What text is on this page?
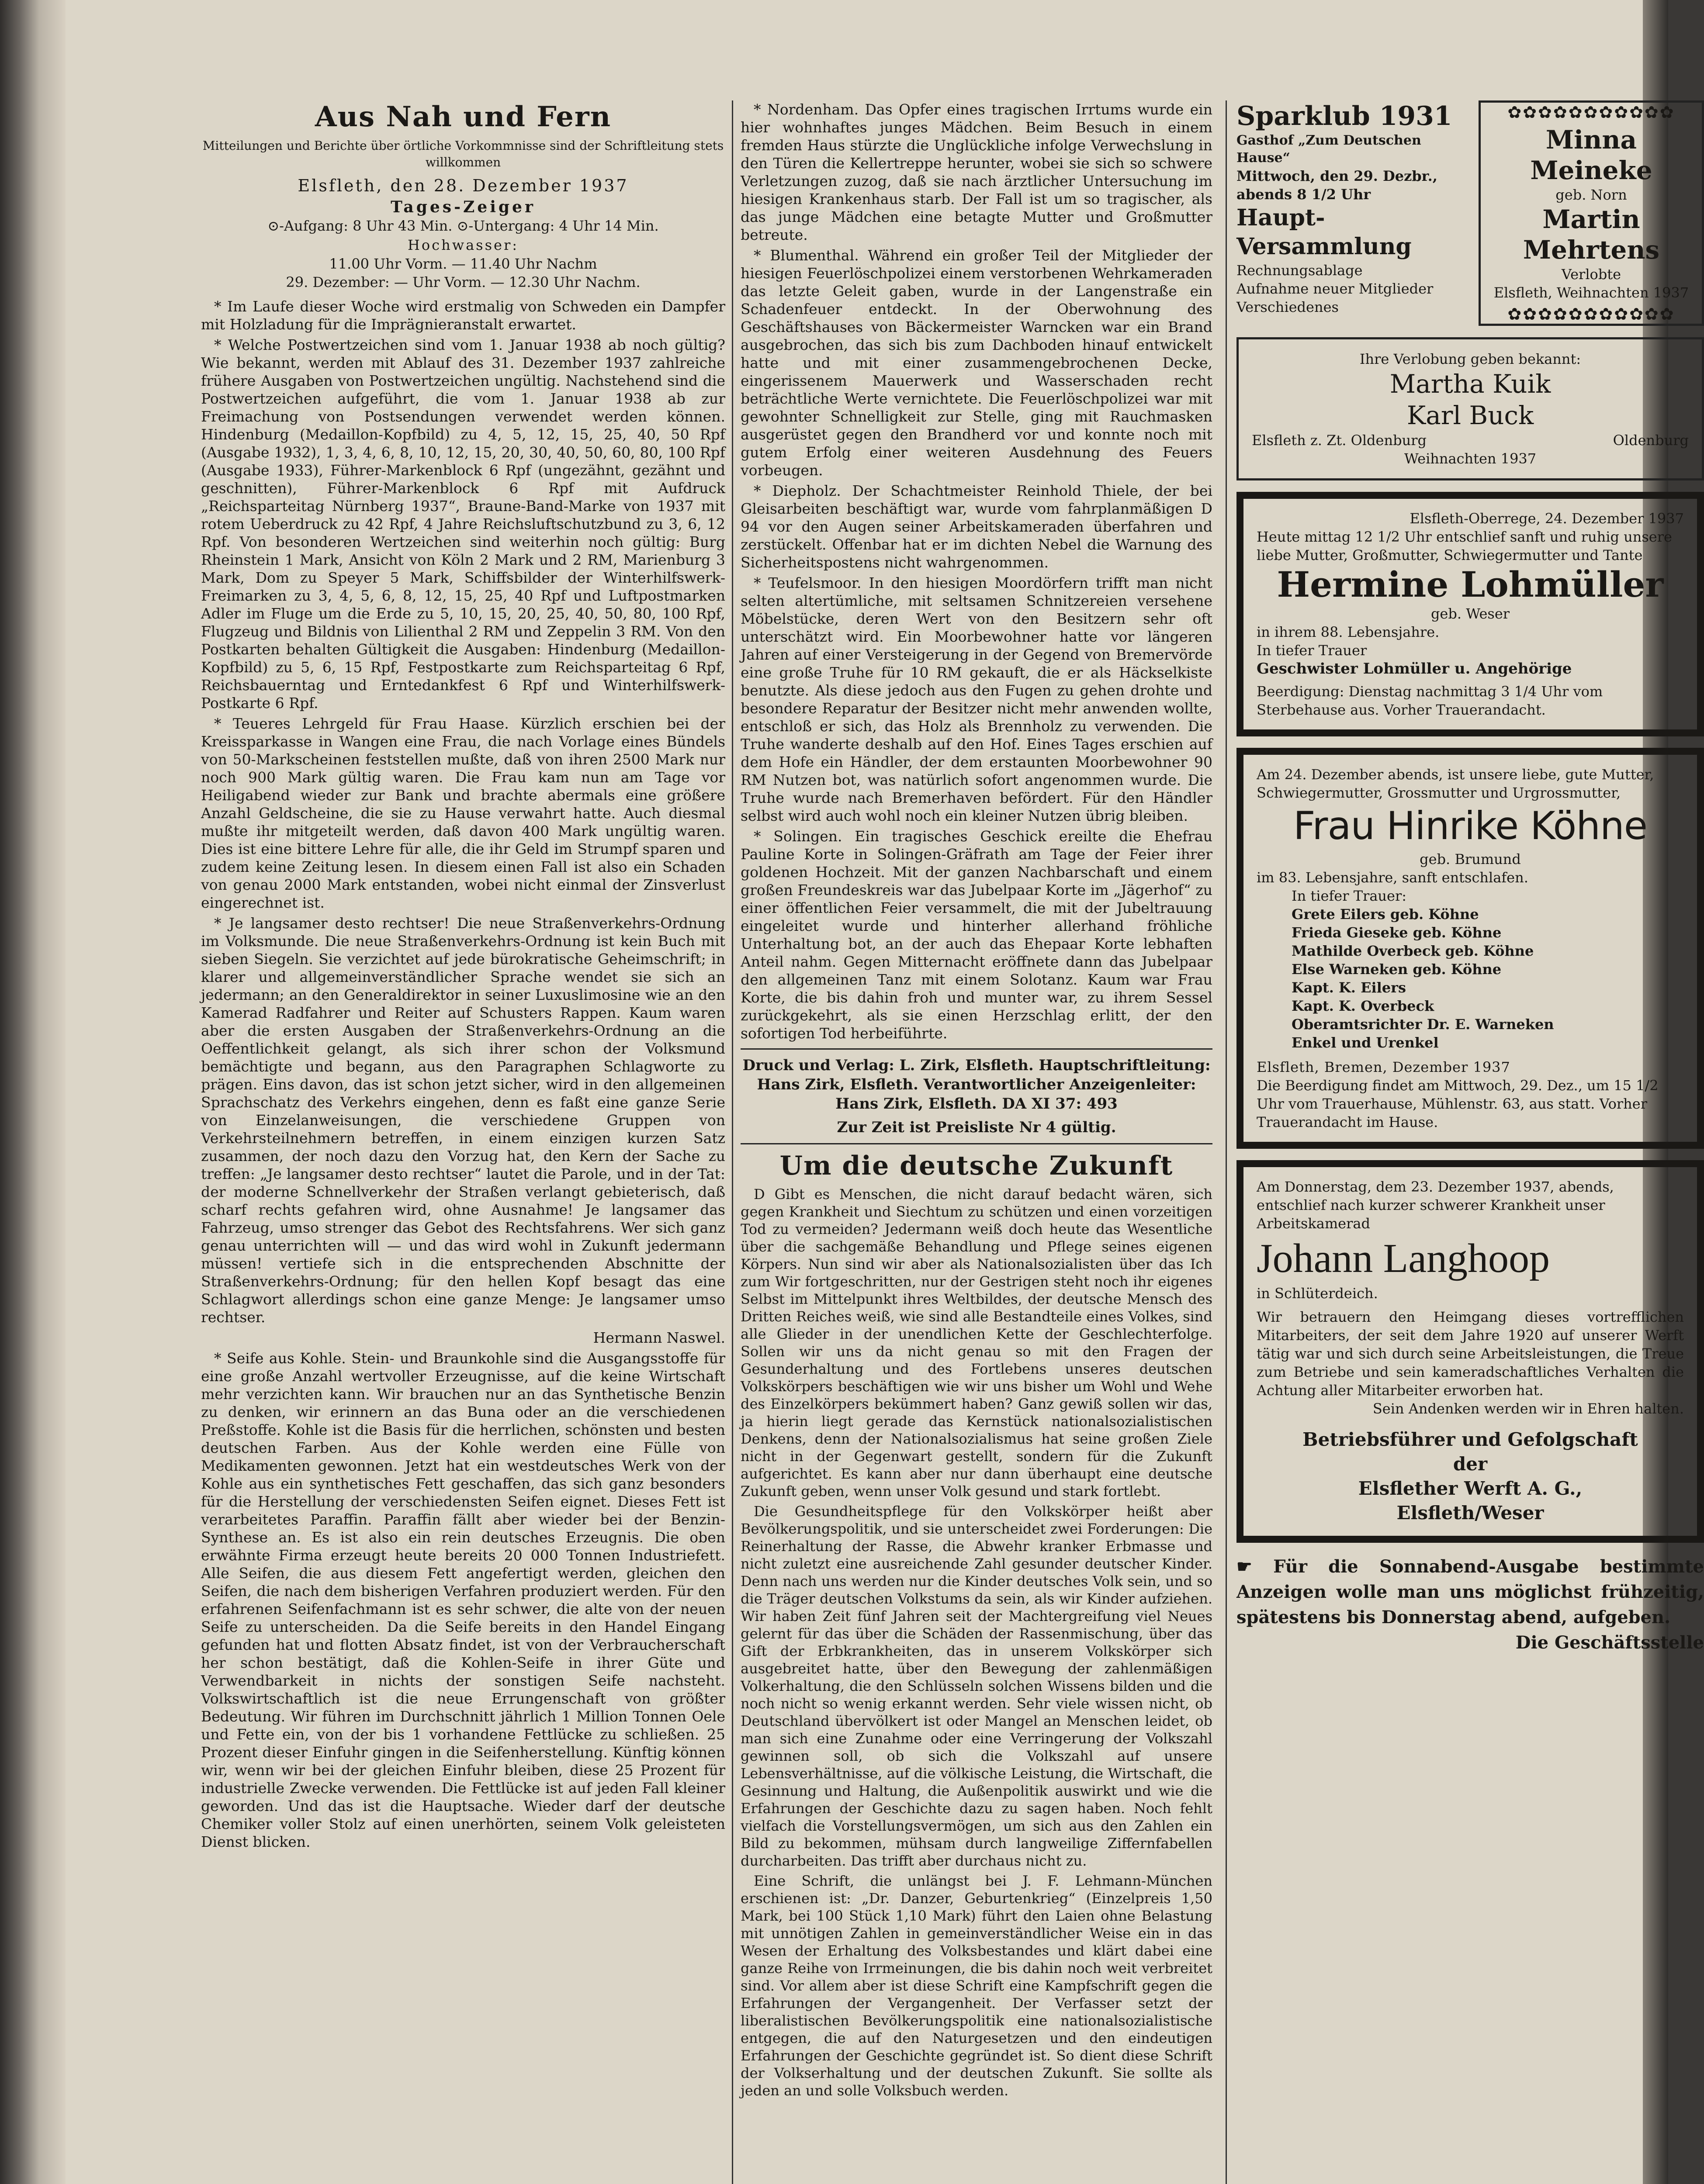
Aus Nah und Fern
Mitteilungen und Berichte über örtliche Vorkommnisse sind der Schriftleitung stets willkommen
Elsfleth, den 28. Dezember 1937
Tages-Zeiger
⊙-Aufgang: 8 Uhr 43 Min. ⊙-Untergang: 4 Uhr 14 Min.
Hochwasser:
11.00 Uhr Vorm. — 11.40 Uhr Nachm
29. Dezember: — Uhr Vorm. — 12.30 Uhr Nachm.

* Im Laufe dieser Woche wird erstmalig von Schweden ein Dampfer mit Holzladung für die Imprägnieranstalt erwartet.

* Welche Postwertzeichen sind vom 1. Januar 1938 ab noch gültig? Wie bekannt, werden mit Ablauf des 31. Dezember 1937 zahlreiche frühere Ausgaben von Postwertzeichen ungültig. Nachstehend sind die Postwertzeichen aufgeführt, die vom 1. Januar 1938 ab zur Freimachung von Postsendungen verwendet werden können. Hindenburg (Medaillon-Kopfbild) zu 4, 5, 12, 15, 25, 40, 50 Rpf (Ausgabe 1932), 1, 3, 4, 6, 8, 10, 12, 15, 20, 30, 40, 50, 60, 80, 100 Rpf (Ausgabe 1933), Führer-Markenblock 6 Rpf (ungezähnt, gezähnt und geschnitten), Führer-Markenblock 6 Rpf mit Aufdruck „Reichsparteitag Nürnberg 1937“, Braune-Band-Marke von 1937 mit rotem Ueberdruck zu 42 Rpf, 4 Jahre Reichsluftschutzbund zu 3, 6, 12 Rpf. Von besonderen Wertzeichen sind weiterhin noch gültig: Burg Rheinstein 1 Mark, Ansicht von Köln 2 Mark und 2 RM, Marienburg 3 Mark, Dom zu Speyer 5 Mark, Schiffsbilder der Winterhilfswerk-Freimarken zu 3, 4, 5, 6, 8, 12, 15, 25, 40 Rpf und Luftpostmarken Adler im Fluge um die Erde zu 5, 10, 15, 20, 25, 40, 50, 80, 100 Rpf, Flugzeug und Bildnis von Lilienthal 2 RM und Zeppelin 3 RM. Von den Postkarten behalten Gültigkeit die Ausgaben: Hindenburg (Medaillon-Kopfbild) zu 5, 6, 15 Rpf, Festpostkarte zum Reichsparteitag 6 Rpf, Reichsbauerntag und Erntedankfest 6 Rpf und Winterhilfswerk-Postkarte 6 Rpf.

* Teueres Lehrgeld für Frau Haase. Kürzlich erschien bei der Kreissparkasse in Wangen eine Frau, die nach Vorlage eines Bündels von 50-Markscheinen feststellen mußte, daß von ihren 2500 Mark nur noch 900 Mark gültig waren. Die Frau kam nun am Tage vor Heiligabend wieder zur Bank und brachte abermals eine größere Anzahl Geldscheine, die sie zu Hause verwahrt hatte. Auch diesmal mußte ihr mitgeteilt werden, daß davon 400 Mark ungültig waren. Dies ist eine bittere Lehre für alle, die ihr Geld im Strumpf sparen und zudem keine Zeitung lesen. In diesem einen Fall ist also ein Schaden von genau 2000 Mark entstanden, wobei nicht einmal der Zinsverlust eingerechnet ist.

* Je langsamer desto rechtser! Die neue Straßenverkehrs-Ordnung im Volksmunde. Die neue Straßenverkehrs-Ordnung ist kein Buch mit sieben Siegeln. Sie verzichtet auf jede bürokratische Geheimschrift; in klarer und allgemeinverständlicher Sprache wendet sie sich an jedermann; an den Generaldirektor in seiner Luxuslimosine wie an den Kamerad Radfahrer und Reiter auf Schusters Rappen. Kaum waren aber die ersten Ausgaben der Straßenverkehrs-Ordnung an die Oeffentlichkeit gelangt, als sich ihrer schon der Volksmund bemächtigte und begann, aus den Paragraphen Schlagworte zu prägen. Eins davon, das ist schon jetzt sicher, wird in den allgemeinen Sprachschatz des Verkehrs eingehen, denn es faßt eine ganze Serie von Einzelanweisungen, die verschiedene Gruppen von Verkehrsteilnehmern betreffen, in einem einzigen kurzen Satz zusammen, der noch dazu den Vorzug hat, den Kern der Sache zu treffen: „Je langsamer desto rechtser“ lautet die Parole, und in der Tat: der moderne Schnellverkehr der Straßen verlangt gebieterisch, daß scharf rechts gefahren wird, ohne Ausnahme! Je langsamer das Fahrzeug, umso strenger das Gebot des Rechtsfahrens. Wer sich ganz genau unterrichten will — und das wird wohl in Zukunft jedermann müssen! vertiefe sich in die entsprechenden Abschnitte der Straßenverkehrs-Ordnung; für den hellen Kopf besagt das eine Schlagwort allerdings schon eine ganze Menge: Je langsamer umso rechtser.

Hermann Naswel.

* Seife aus Kohle. Stein- und Braunkohle sind die Ausgangsstoffe für eine große Anzahl wertvoller Erzeugnisse, auf die keine Wirtschaft mehr verzichten kann. Wir brauchen nur an das Synthetische Benzin zu denken, wir erinnern an das Buna oder an die verschiedenen Preßstoffe. Kohle ist die Basis für die herrlichen, schönsten und besten deutschen Farben. Aus der Kohle werden eine Fülle von Medikamenten gewonnen. Jetzt hat ein westdeutsches Werk von der Kohle aus ein synthetisches Fett geschaffen, das sich ganz besonders für die Herstellung der verschiedensten Seifen eignet. Dieses Fett ist verarbeitetes Paraffin. Paraffin fällt aber wieder bei der Benzin-Synthese an. Es ist also ein rein deutsches Erzeugnis. Die oben erwähnte Firma erzeugt heute bereits 20 000 Tonnen Industriefett. Alle Seifen, die aus diesem Fett angefertigt werden, gleichen den Seifen, die nach dem bisherigen Verfahren produziert werden. Für den erfahrenen Seifenfachmann ist es sehr schwer, die alte von der neuen Seife zu unterscheiden. Da die Seife bereits in den Handel Eingang gefunden hat und flotten Absatz findet, ist von der Verbraucherschaft her schon bestätigt, daß die Kohlen-Seife in ihrer Güte und Verwendbarkeit in nichts der sonstigen Seife nachsteht. Volkswirtschaftlich ist die neue Errungenschaft von größter Bedeutung. Wir führen im Durchschnitt jährlich 1 Million Tonnen Oele und Fette ein, von der bis 1 vorhandene Fettlücke zu schließen. 25 Prozent dieser Einfuhr gingen in die Seifenherstellung. Künftig können wir, wenn wir bei der gleichen Einfuhr bleiben, diese 25 Prozent für industrielle Zwecke verwenden. Die Fettlücke ist auf jeden Fall kleiner geworden. Und das ist die Hauptsache. Wieder darf der deutsche Chemiker voller Stolz auf einen unerhörten, seinem Volk geleisteten Dienst blicken.

* Nordenham. Das Opfer eines tragischen Irrtums wurde ein hier wohnhaftes junges Mädchen. Beim Besuch in einem fremden Haus stürzte die Unglückliche infolge Verwechslung in den Türen die Kellertreppe herunter, wobei sie sich so schwere Verletzungen zuzog, daß sie nach ärztlicher Untersuchung im hiesigen Krankenhaus starb. Der Fall ist um so tragischer, als das junge Mädchen eine betagte Mutter und Großmutter betreute.

* Blumenthal. Während ein großer Teil der Mitglieder der hiesigen Feuerlöschpolizei einem verstorbenen Wehrkameraden das letzte Geleit gaben, wurde in der Langenstraße ein Schadenfeuer entdeckt. In der Oberwohnung des Geschäftshauses von Bäckermeister Warncken war ein Brand ausgebrochen, das sich bis zum Dachboden hinauf entwickelt hatte und mit einer zusammengebrochenen Decke, eingerissenem Mauerwerk und Wasserschaden recht beträchtliche Werte vernichtete. Die Feuerlöschpolizei war mit gewohnter Schnelligkeit zur Stelle, ging mit Rauchmasken ausgerüstet gegen den Brandherd vor und konnte noch mit gutem Erfolg einer weiteren Ausdehnung des Feuers vorbeugen.

* Diepholz. Der Schachtmeister Reinhold Thiele, der bei Gleisarbeiten beschäftigt war, wurde vom fahrplanmäßigen D 94 vor den Augen seiner Arbeitskameraden überfahren und zerstückelt. Offenbar hat er im dichten Nebel die Warnung des Sicherheitspostens nicht wahrgenommen.

* Teufelsmoor. In den hiesigen Moordörfern trifft man nicht selten altertümliche, mit seltsamen Schnitzereien versehene Möbelstücke, deren Wert von den Besitzern sehr oft unterschätzt wird. Ein Moorbewohner hatte vor längeren Jahren auf einer Versteigerung in der Gegend von Bremervörde eine große Truhe für 10 RM gekauft, die er als Häckselkiste benutzte. Als diese jedoch aus den Fugen zu gehen drohte und besondere Reparatur der Besitzer nicht mehr anwenden wollte, entschloß er sich, das Holz als Brennholz zu verwenden. Die Truhe wanderte deshalb auf den Hof. Eines Tages erschien auf dem Hofe ein Händler, der dem erstaunten Moorbewohner 90 RM Nutzen bot, was natürlich sofort angenommen wurde. Die Truhe wurde nach Bremerhaven befördert. Für den Händler selbst wird auch wohl noch ein kleiner Nutzen übrig bleiben.

* Solingen. Ein tragisches Geschick ereilte die Ehefrau Pauline Korte in Solingen-Gräfrath am Tage der Feier ihrer goldenen Hochzeit. Mit der ganzen Nachbarschaft und einem großen Freundeskreis war das Jubelpaar Korte im „Jägerhof“ zu einer öffentlichen Feier versammelt, die mit der Jubeltrauung eingeleitet wurde und hinterher allerhand fröhliche Unterhaltung bot, an der auch das Ehepaar Korte lebhaften Anteil nahm. Gegen Mitternacht eröffnete dann das Jubelpaar den allgemeinen Tanz mit einem Solotanz. Kaum war Frau Korte, die bis dahin froh und munter war, zu ihrem Sessel zurückgekehrt, als sie einen Herzschlag erlitt, der den sofortigen Tod herbeiführte.

Druck und Verlag: L. Zirk, Elsfleth. Hauptschriftleitung: Hans Zirk, Elsfleth. Verantwortlicher Anzeigenleiter: Hans Zirk, Elsfleth. DA XI 37: 493
Zur Zeit ist Preisliste Nr 4 gültig.
Um die deutsche Zukunft

D Gibt es Menschen, die nicht darauf bedacht wären, sich gegen Krankheit und Siechtum zu schützen und einen vorzeitigen Tod zu vermeiden? Jedermann weiß doch heute das Wesentliche über die sachgemäße Behandlung und Pflege seines eigenen Körpers. Nun sind wir aber als Nationalsozialisten über das Ich zum Wir fortgeschritten, nur der Gestrigen steht noch ihr eigenes Selbst im Mittelpunkt ihres Weltbildes, der deutsche Mensch des Dritten Reiches weiß, wie sind alle Bestandteile eines Volkes, sind alle Glieder in der unendlichen Kette der Geschlechterfolge. Sollen wir uns da nicht genau so mit den Fragen der Gesunderhaltung und des Fortlebens unseres deutschen Volkskörpers beschäftigen wie wir uns bisher um Wohl und Wehe des Einzelkörpers bekümmert haben? Ganz gewiß sollen wir das, ja hierin liegt gerade das Kernstück nationalsozialistischen Denkens, denn der Nationalsozialismus hat seine großen Ziele nicht in der Gegenwart gestellt, sondern für die Zukunft aufgerichtet. Es kann aber nur dann überhaupt eine deutsche Zukunft geben, wenn unser Volk gesund und stark fortlebt.

Die Gesundheitspflege für den Volkskörper heißt aber Bevölkerungspolitik, und sie unterscheidet zwei Forderungen: Die Reinerhaltung der Rasse, die Abwehr kranker Erbmasse und nicht zuletzt eine ausreichende Zahl gesunder deutscher Kinder. Denn nach uns werden nur die Kinder deutsches Volk sein, und so die Träger deutschen Volkstums da sein, als wir Kinder aufziehen. Wir haben Zeit fünf Jahren seit der Machtergreifung viel Neues gelernt für das über die Schäden der Rassenmischung, über das Gift der Erbkrankheiten, das in unserem Volkskörper sich ausgebreitet hatte, über den Bewegung der zahlenmäßigen Volkerhaltung, die den Schlüsseln solchen Wissens bilden und die noch nicht so wenig erkannt werden. Sehr viele wissen nicht, ob Deutschland übervölkert ist oder Mangel an Menschen leidet, ob man sich eine Zunahme oder eine Verringerung der Volkszahl gewinnen soll, ob sich die Volkszahl auf unsere Lebensverhältnisse, auf die völkische Leistung, die Wirtschaft, die Gesinnung und Haltung, die Außenpolitik auswirkt und wie die Erfahrungen der Geschichte dazu zu sagen haben. Noch fehlt vielfach die Vorstellungsvermögen, um sich aus den Zahlen ein Bild zu bekommen, mühsam durch langweilige Ziffernfabellen durcharbeiten. Das trifft aber durchaus nicht zu.

Eine Schrift, die unlängst bei J. F. Lehmann-München erschienen ist: „Dr. Danzer, Geburtenkrieg“ (Einzelpreis 1,50 Mark, bei 100 Stück 1,10 Mark) führt den Laien ohne Belastung mit unnötigen Zahlen in gemeinverständlicher Weise ein in das Wesen der Erhaltung des Volksbestandes und klärt dabei eine ganze Reihe von Irrmeinungen, die bis dahin noch weit verbreitet sind. Vor allem aber ist diese Schrift eine Kampfschrift gegen die Erfahrungen der Vergangenheit. Der Verfasser setzt der liberalistischen Bevölkerungspolitik eine nationalsozialistische entgegen, die auf den Naturgesetzen und den eindeutigen Erfahrungen der Geschichte gegründet ist. So dient diese Schrift der Volkserhaltung und der deutschen Zukunft. Sie sollte als jeden an und solle Volksbuch werden.

Sparklub 1931
Gasthof „Zum Deutschen Hause“
Mittwoch, den 29. Dezbr., abends 8 1/2 Uhr
Haupt-Versammlung
Rechnungsablage
Aufnahme neuer Mitglieder
Verschiedenes
✿✿✿✿✿✿✿✿✿✿✿
Minna Meineke
geb. Norn
Martin Mehrtens
Verlobte
Elsfleth, Weihnachten 1937
✿✿✿✿✿✿✿✿✿✿✿
Ihre Verlobung geben bekannt:
Martha Kuik
Karl Buck
Elsfleth z. Zt. Oldenburg	Oldenburg
Weihnachten 1937
Elsfleth-Oberrege, 24. Dezember 1937
Heute mittag 12 1/2 Uhr entschlief sanft und ruhig unsere liebe Mutter, Großmutter, Schwiegermutter und Tante
Hermine Lohmüller
geb. Weser
in ihrem 88. Lebensjahre.
In tiefer Trauer
Geschwister Lohmüller u. Angehörige
Beerdigung: Dienstag nachmittag 3 1/4 Uhr vom Sterbehause aus. Vorher Trauerandacht.
Am 24. Dezember abends, ist unsere liebe, gute Mutter, Schwiegermutter, Grossmutter und Urgrossmutter,
Frau Hinrike Köhne
geb. Brumund
im 83. Lebensjahre, sanft entschlafen.
In tiefer Trauer:
Grete Eilers geb. Köhne
Frieda Gieseke geb. Köhne
Mathilde Overbeck geb. Köhne
Else Warneken geb. Köhne
Kapt. K. Eilers
Kapt. K. Overbeck
Oberamtsrichter Dr. E. Warneken
Enkel und Urenkel
Elsfleth, Bremen, Dezember 1937
Die Beerdigung findet am Mittwoch, 29. Dez., um 15 1/2 Uhr vom Trauerhause, Mühlenstr. 63, aus statt. Vorher Trauerandacht im Hause.
Am Donnerstag, dem 23. Dezember 1937, abends, entschlief nach kurzer schwerer Krankheit unser Arbeitskamerad
Johann Langhoop
in Schlüterdeich.
Wir betrauern den Heimgang dieses vortrefflichen Mitarbeiters, der seit dem Jahre 1920 auf unserer Werft tätig war und sich durch seine Arbeitsleistungen, die Treue zum Betriebe und sein kameradschaftliches Verhalten die Achtung aller Mitarbeiter erworben hat.
Sein Andenken werden wir in Ehren halten.
Betriebsführer und Gefolgschaft
der
Elsflether Werft A. G.,
Elsfleth/Weser
☛ Für die Sonnabend-Ausgabe bestimmte Anzeigen wolle man uns möglichst frühzeitig, spätestens bis Donnerstag abend, aufgeben.
Die Geschäftsstelle
